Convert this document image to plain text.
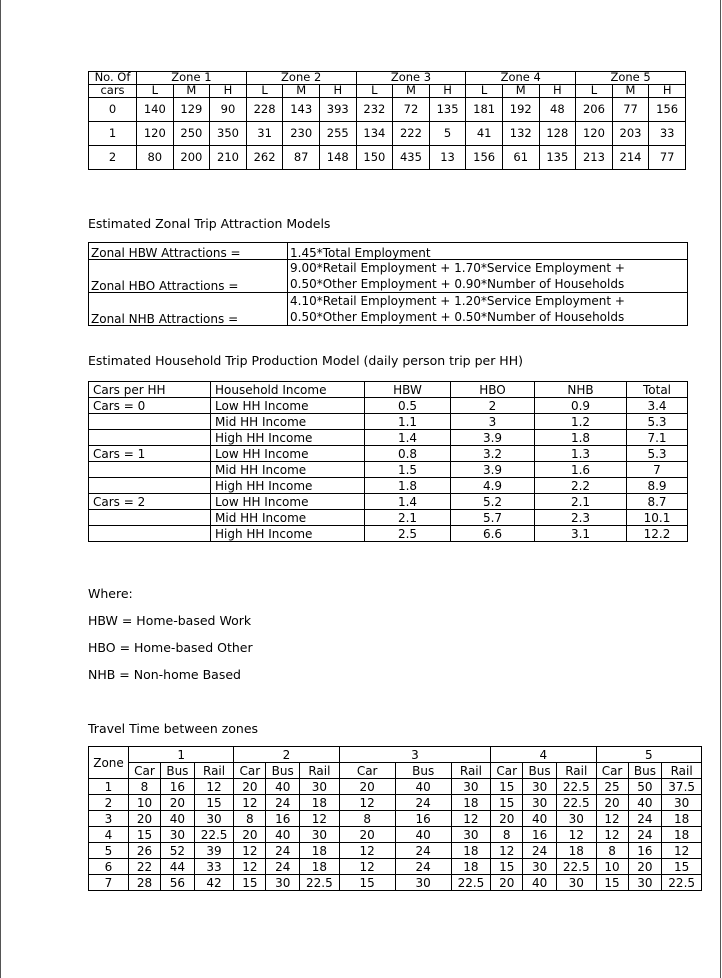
No. Of	Zone 1			Zone 2			Zone 3			Zone 4			Zone 5		
cars	L	M	H	L	M	H	L	M	H	L	M	H	L	M	H
0	140	129	90	228	143	393	232	72	135	181	192	48	206	77	156
1	120	250	350	31	230	255	134	222	5	41	132	128	120	203	33
2	80	200	210	262	87	148	150	435	13	156	61	135	213	214	77
Estimated Zonal Trip Attraction Models
Zonal HBW Attractions =	1.45*Total Employment
Zonal HBO Attractions =	9.00*Retail Employment + 1.70*Service Employment +
0.50*Other Employment + 0.90*Number of Households
Zonal NHB Attractions =	4.10*Retail Employment + 1.20*Service Employment +
0.50*Other Employment + 0.50*Number of Households
Estimated Household Trip Production Model (daily person trip per HH)
Cars per HH	Household Income	HBW	HBO	NHB	Total
Cars = 0	Low HH Income	0.5	2	0.9	3.4
	Mid HH Income	1.1	3	1.2	5.3
	High HH Income	1.4	3.9	1.8	7.1
Cars = 1	Low HH Income	0.8	3.2	1.3	5.3
	Mid HH Income	1.5	3.9	1.6	7
	High HH Income	1.8	4.9	2.2	8.9
Cars = 2	Low HH Income	1.4	5.2	2.1	8.7
	Mid HH Income	2.1	5.7	2.3	10.1
	High HH Income	2.5	6.6	3.1	12.2
Where:
HBW = Home-based Work
HBO = Home-based Other
NHB = Non-home Based
Travel Time between zones
Zone	1			2			3			4			5		
	Car	Bus	Rail	Car	Bus	Rail	Car	Bus	Rail	Car	Bus	Rail	Car	Bus	Rail
1	8	16	12	20	40	30	20	40	30	15	30	22.5	25	50	37.5
2	10	20	15	12	24	18	12	24	18	15	30	22.5	20	40	30
3	20	40	30	8	16	12	8	16	12	20	40	30	12	24	18
4	15	30	22.5	20	40	30	20	40	30	8	16	12	12	24	18
5	26	52	39	12	24	18	12	24	18	12	24	18	8	16	12
6	22	44	33	12	24	18	12	24	18	15	30	22.5	10	20	15
7	28	56	42	15	30	22.5	15	30	22.5	20	40	30	15	30	22.5
